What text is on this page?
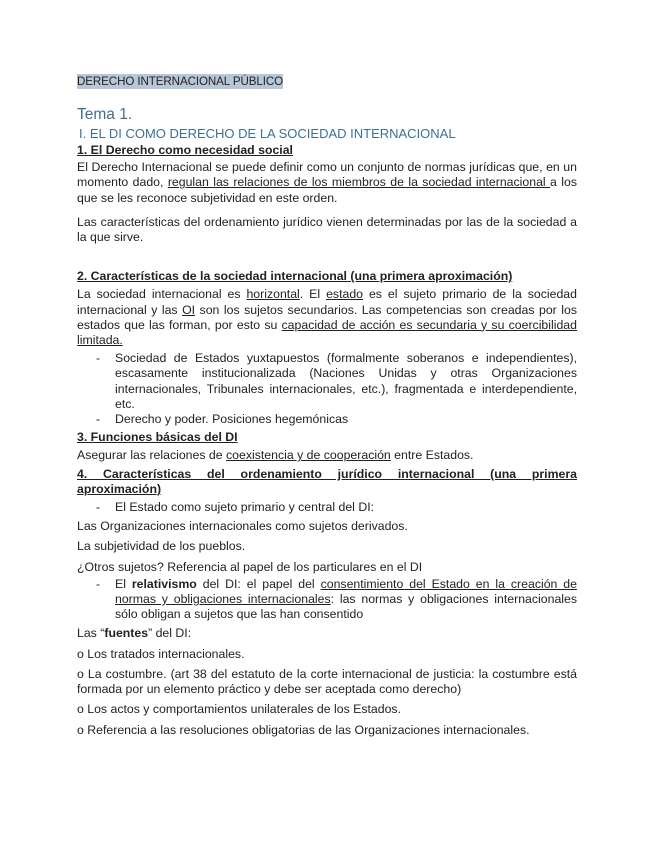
DERECHO INTERNACIONAL PÚBLICO
Tema 1.
I. EL DI COMO DERECHO DE LA SOCIEDAD INTERNACIONAL
1. El Derecho como necesidad social

El Derecho Internacional se puede definir como un conjunto de normas jurídicas que, en un momento dado, regulan las relaciones de los miembros de la sociedad internacional a los que se les reconoce subjetividad en este orden.

Las características del ordenamiento jurídico vienen determinadas por las de la sociedad a la que sirve.

2. Características de la sociedad internacional (una primera aproximación)

La sociedad internacional es horizontal. El estado es el sujeto primario de la sociedad internacional y las OI son los sujetos secundarios. Las competencias son creadas por los estados que las forman, por esto su capacidad de acción es secundaria y su coercibilidad limitada.

- Sociedad de Estados yuxtapuestos (formalmente soberanos e independientes), escasamente institucionalizada (Naciones Unidas y otras Organizaciones internacionales, Tribunales internacionales, etc.), fragmentada e interdependiente, etc.
- Derecho y poder. Posiciones hegemónicas
3. Funciones básicas del DI

Asegurar las relaciones de coexistencia y de cooperación entre Estados.

4. Características del ordenamiento jurídico internacional (una primera aproximación)
- El Estado como sujeto primario y central del DI:

Las Organizaciones internacionales como sujetos derivados.

La subjetividad de los pueblos.

¿Otros sujetos? Referencia al papel de los particulares en el DI

- El relativismo del DI: el papel del consentimiento del Estado en la creación de normas y obligaciones internacionales: las normas y obligaciones internacionales sólo obligan a sujetos que las han consentido

Las “fuentes” del DI:

o Los tratados internacionales.

o La costumbre. (art 38 del estatuto de la corte internacional de justicia: la costumbre está formada por un elemento práctico y debe ser aceptada como derecho)

o Los actos y comportamientos unilaterales de los Estados.

o Referencia a las resoluciones obligatorias de las Organizaciones internacionales.
